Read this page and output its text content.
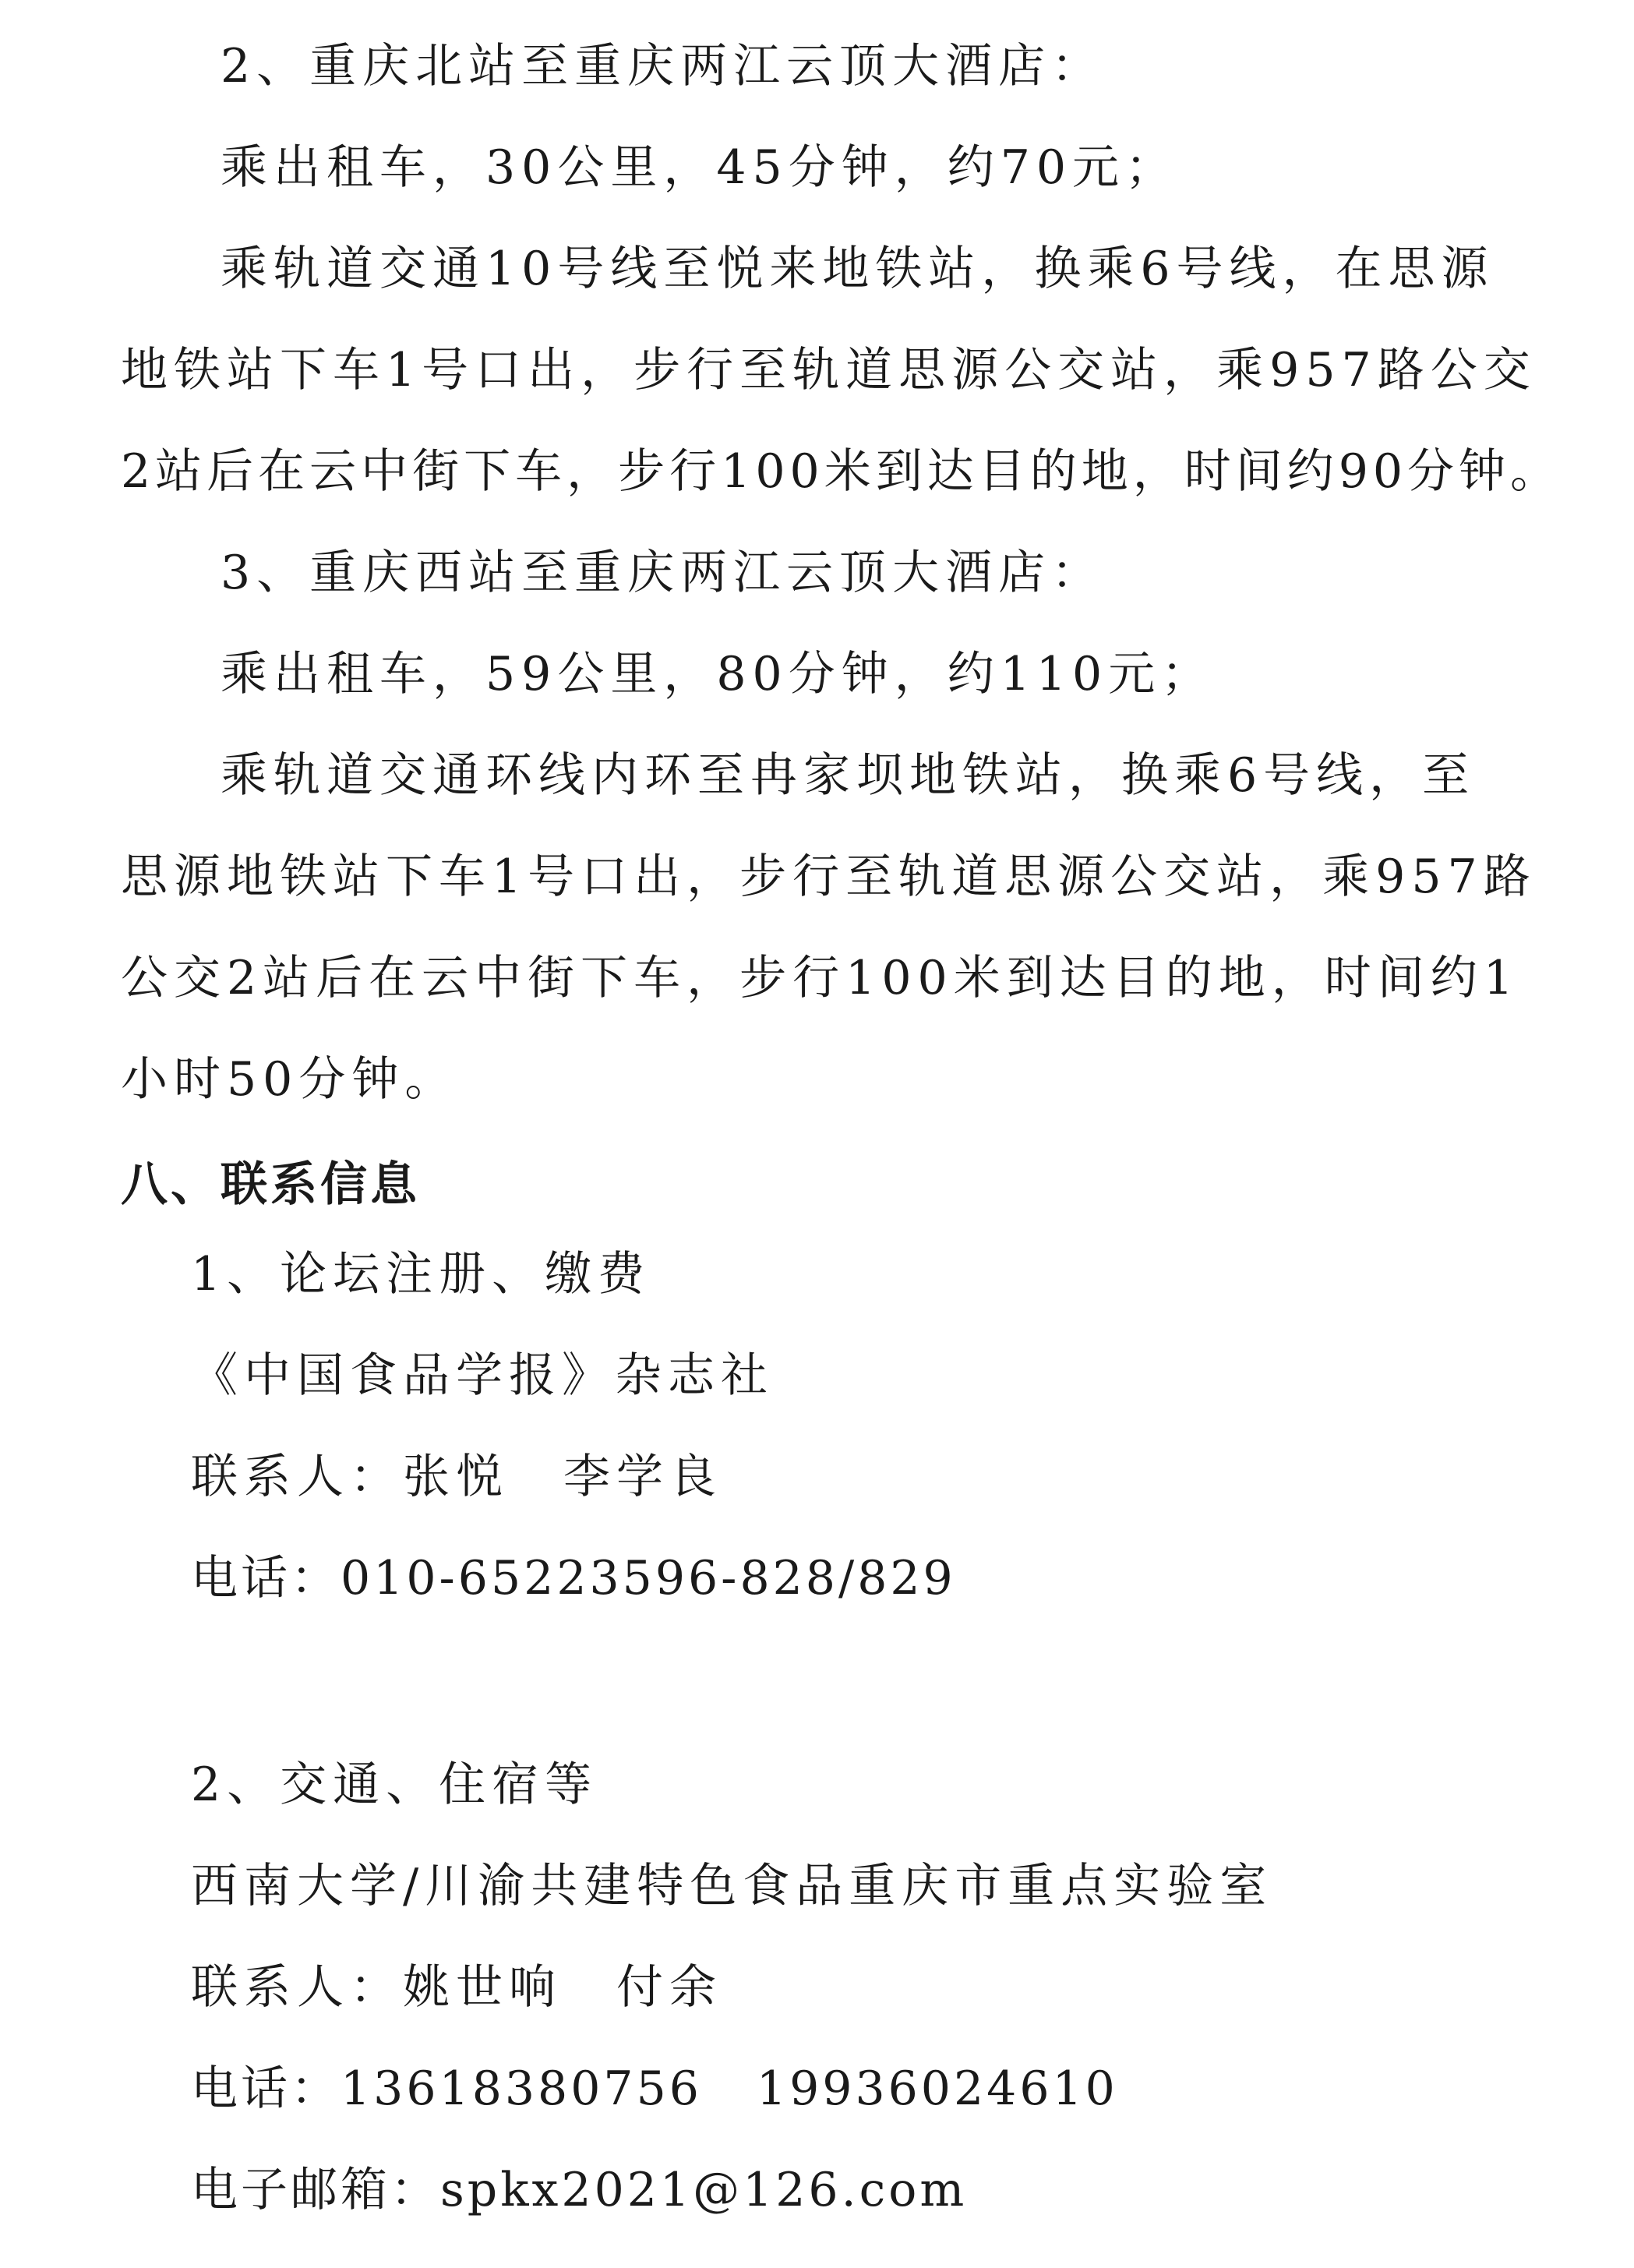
2、重庆北站至重庆两江云顶大酒店：
乘出租车，30公里，45分钟，约70元；
乘轨道交通10号线至悦来地铁站，换乘6号线，在思源
地铁站下车1号口出，步行至轨道思源公交站，乘957路公交
2站后在云中街下车，步行100米到达目的地，时间约90分钟。
3、重庆西站至重庆两江云顶大酒店：
乘出租车，59公里，80分钟，约110元；
乘轨道交通环线内环至冉家坝地铁站，换乘6号线，至
思源地铁站下车1号口出，步行至轨道思源公交站，乘957路
公交2站后在云中街下车，步行100米到达目的地，时间约1
小时50分钟。
八、联系信息
1、论坛注册、缴费
《中国食品学报》杂志社
联系人：张悦 李学良
电话：010-65223596-828/829
2、交通、住宿等
西南大学/川渝共建特色食品重庆市重点实验室
联系人：姚世响 付余
电话：13618380756 19936024610
电子邮箱：spkx2021@126.com
